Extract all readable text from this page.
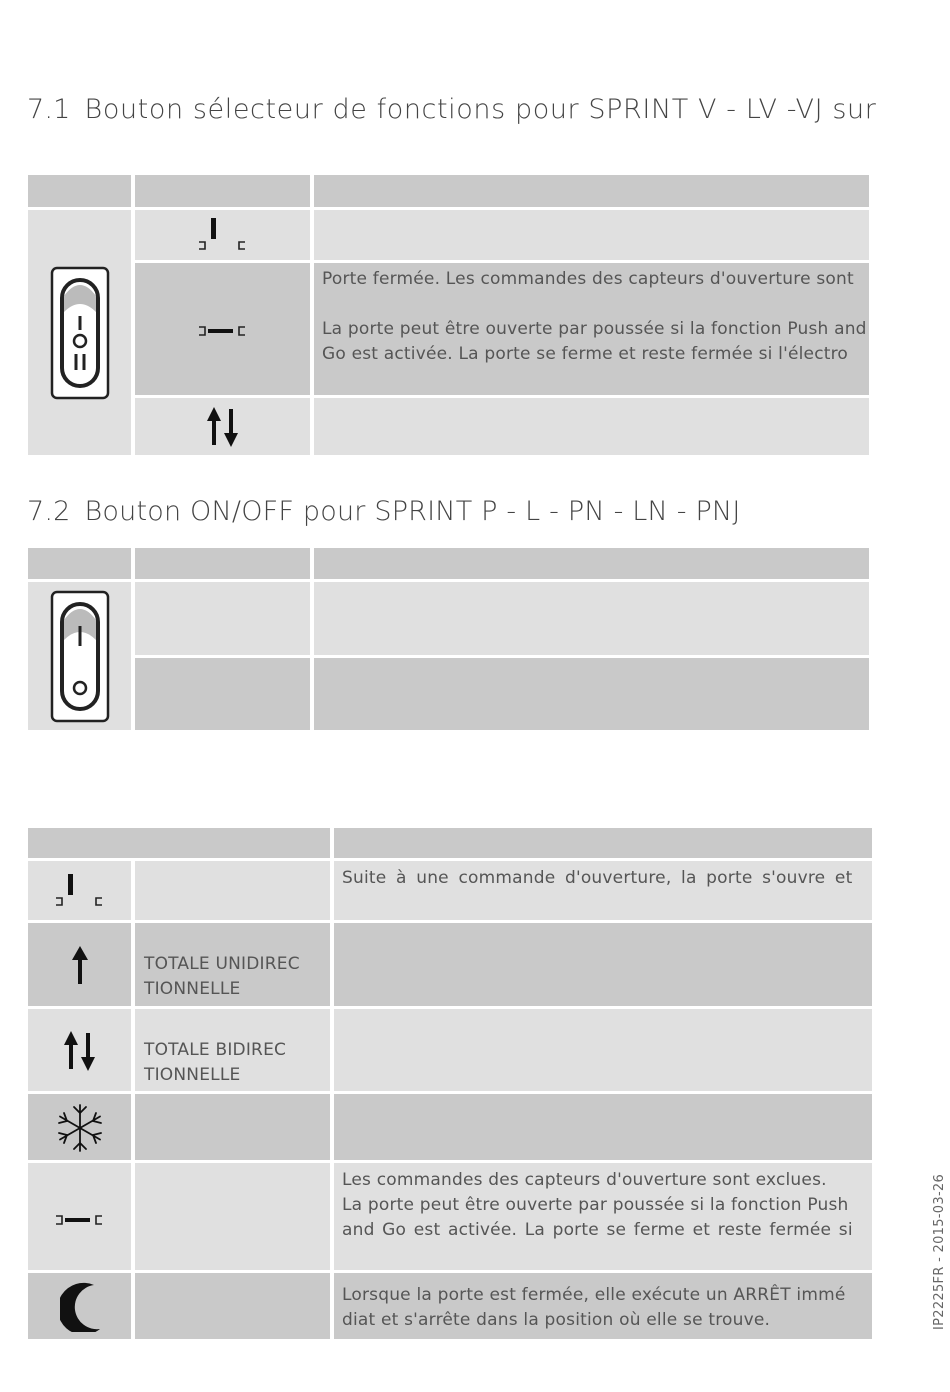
7.1 Bouton sélecteur de fonctions pour SPRINT V - LV -VJ sur
Porte fermée. Les commandes des capteurs d'ouverture sont
La porte peut être ouverte par poussée si la fonction Push and
Go est activée. La porte se ferme et reste fermée si l'électro
7.2 Bouton ON/OFF pour SPRINT P - L - PN - LN - PNJ
Suite à une commande d'ouverture, la porte s'ouvre et
TOTALE UNIDIREC
TIONNELLE
TOTALE BIDIREC
TIONNELLE
Les commandes des capteurs d'ouverture sont exclues.
La porte peut être ouverte par poussée si la fonction Push
and Go est activée. La porte se ferme et reste fermée si
Lorsque la porte est fermée, elle exécute un ARRÊT immé
diat et s'arrête dans la position où elle se trouve.	IP2225FR - 2015-03-26
